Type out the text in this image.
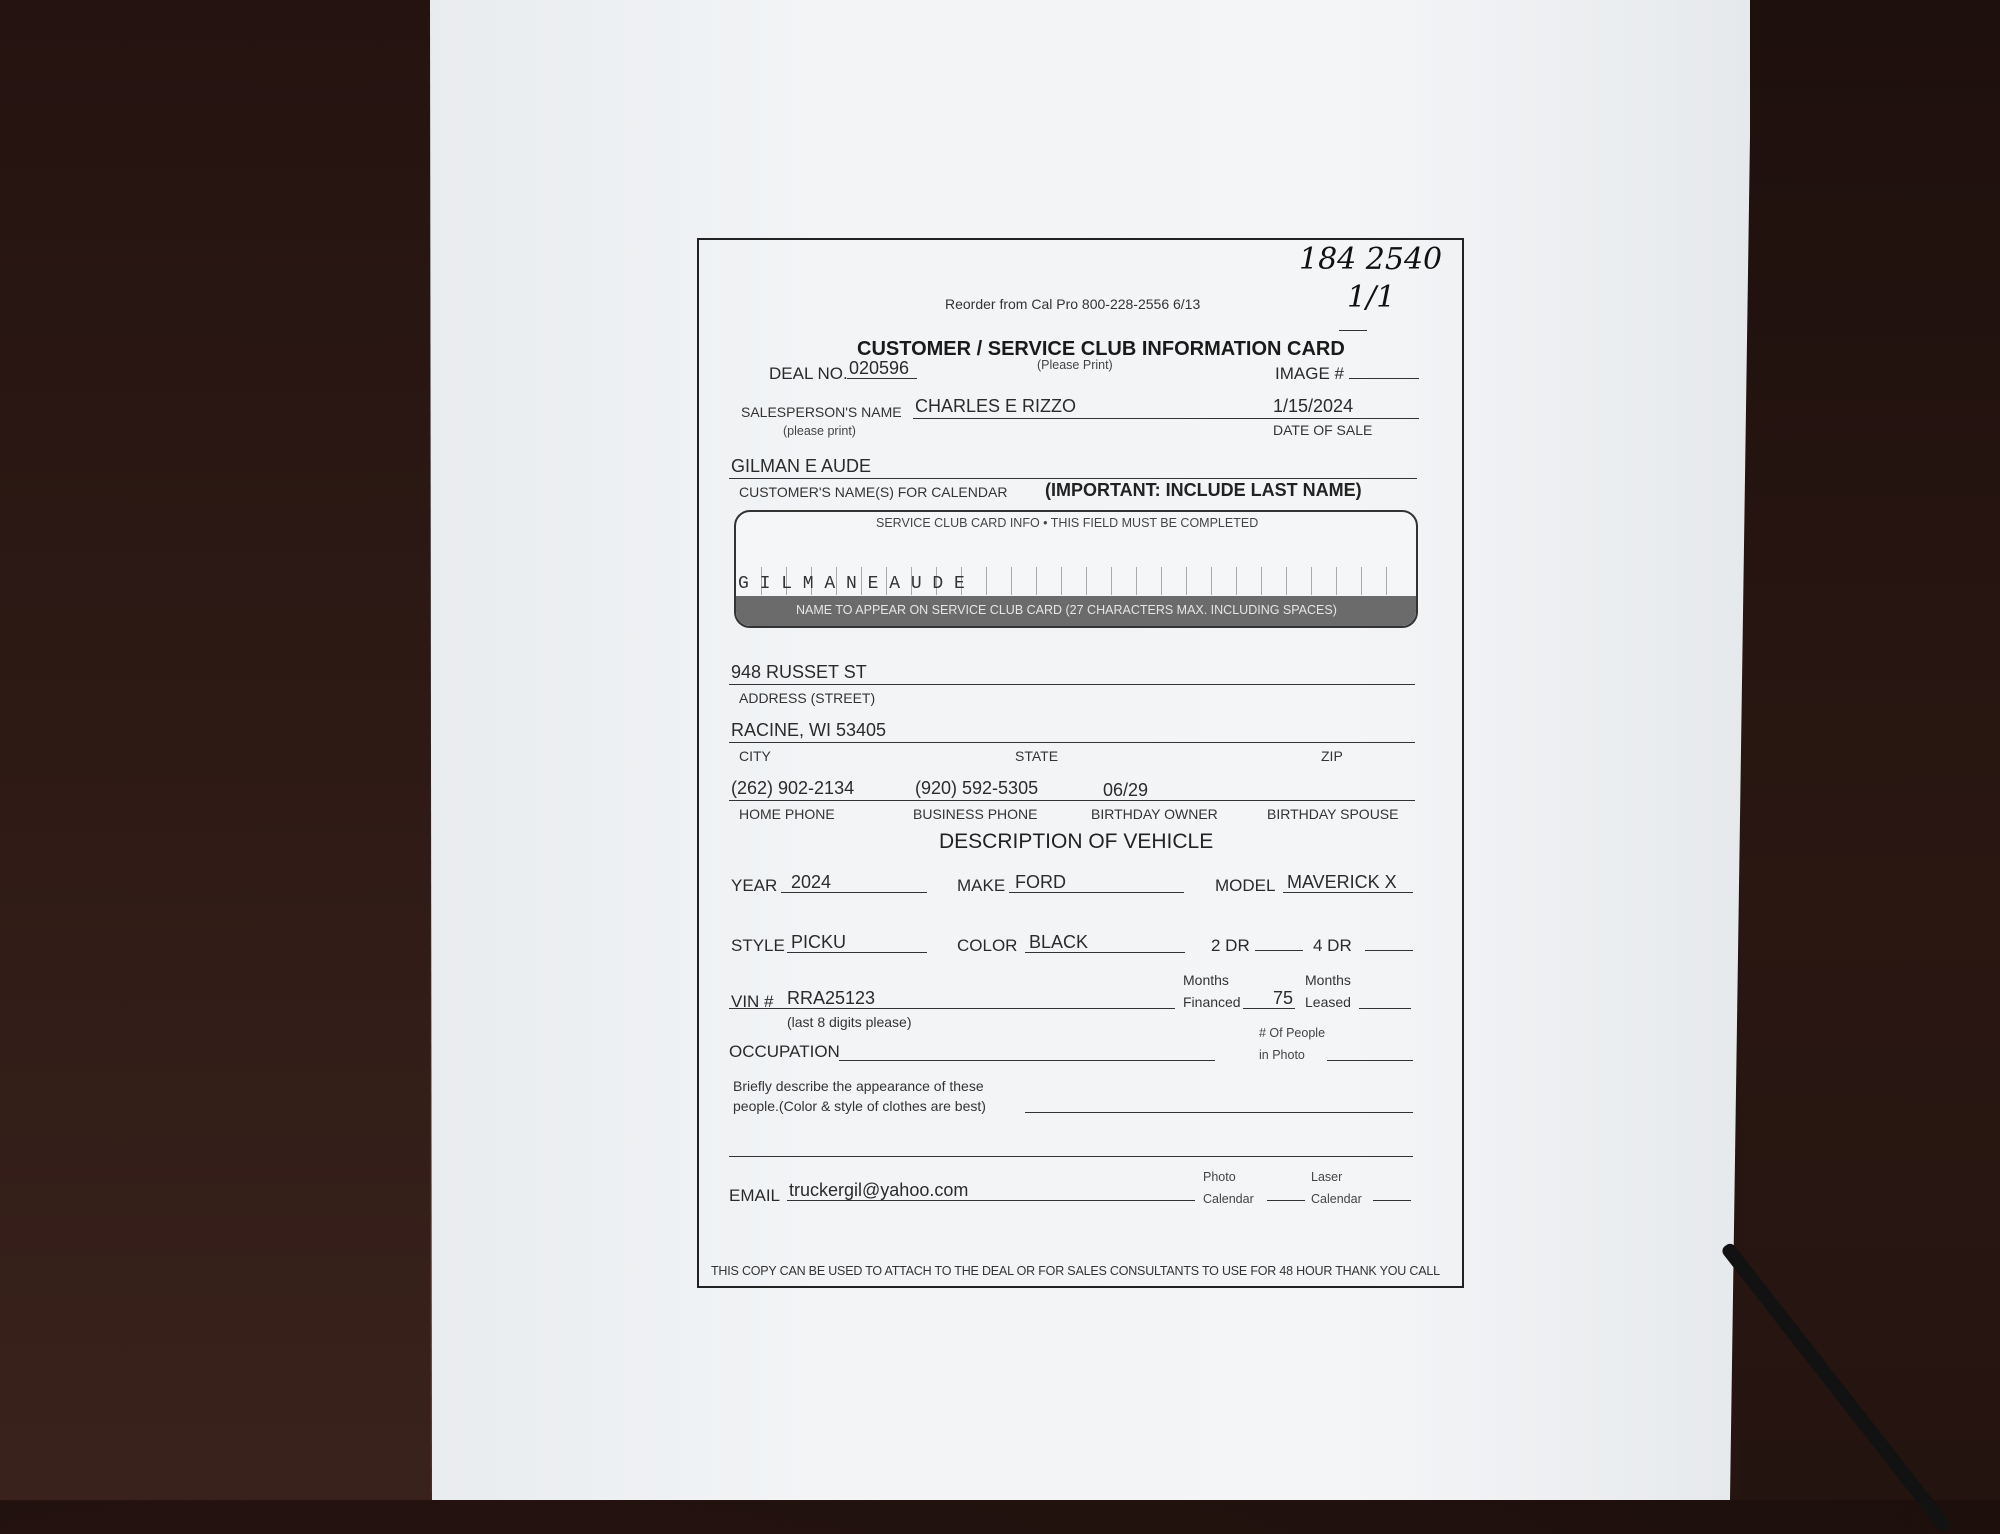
184 2540
1/1
Reorder from Cal Pro 800-228-2556 6/13
CUSTOMER / SERVICE CLUB INFORMATION CARD
DEAL NO. 020596	(Please Print)	IMAGE #
SALESPERSON'S NAME
(please print)
CHARLES E RIZZO	1/15/2024
DATE OF SALE
GILMAN E AUDE
CUSTOMER'S NAME(S) FOR CALENDAR (IMPORTANT: INCLUDE LAST NAME)
SERVICE CLUB CARD INFO • THIS FIELD MUST BE COMPLETED
G I L M A N E A U D E
NAME TO APPEAR ON SERVICE CLUB CARD (27 CHARACTERS MAX. INCLUDING SPACES)
948 RUSSET ST
ADDRESS (STREET)
RACINE, WI 53405
CITY	STATE	ZIP
(262) 902-2134	(920) 592-5305	06/29
HOME PHONE	BUSINESS PHONE	BIRTHDAY OWNER	BIRTHDAY SPOUSE
DESCRIPTION OF VEHICLE
YEAR 2024	MAKE FORD	MODEL MAVERICK X
STYLE PICKU	COLOR BLACK	2 DR	4 DR
VIN # RRA25123
(last 8 digits please)
Months
Financed 75
Months
Leased
OCCUPATION
# Of People
in Photo
Briefly describe the appearance of these
people.(Color & style of clothes are best)
EMAIL truckergil@yahoo.com
Photo
Calendar
Laser
Calendar
THIS COPY CAN BE USED TO ATTACH TO THE DEAL OR FOR SALES CONSULTANTS TO USE FOR 48 HOUR THANK YOU CALL
